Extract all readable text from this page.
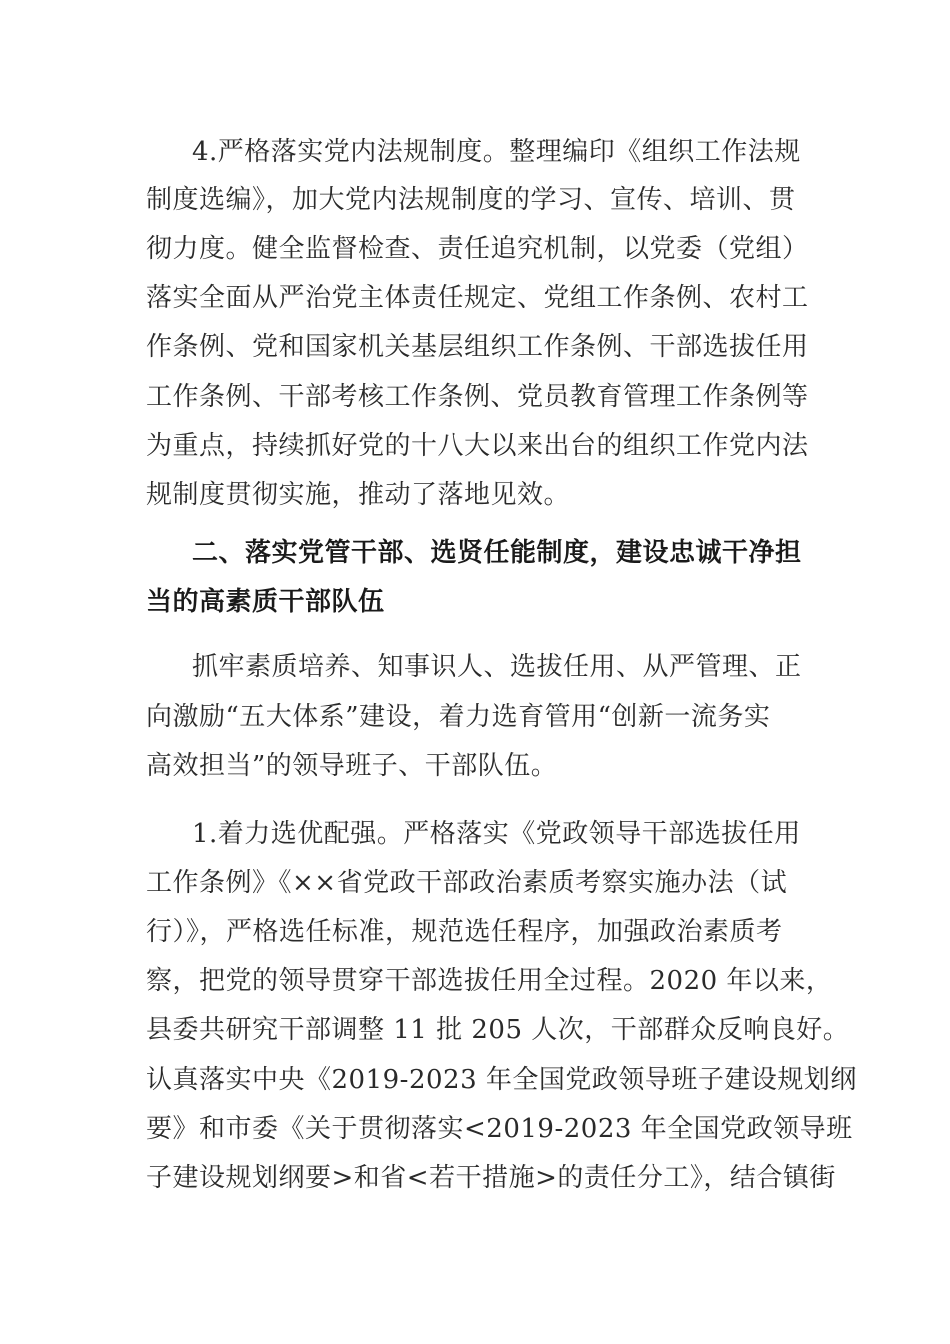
4.严格落实党内法规制度。整理编印《组织工作法规
制度选编》，加大党内法规制度的学习、宣传、培训、贯
彻力度。健全监督检查、责任追究机制，以党委（党组）
落实全面从严治党主体责任规定、党组工作条例、农村工
作条例、党和国家机关基层组织工作条例、干部选拔任用
工作条例、干部考核工作条例、党员教育管理工作条例等
为重点，持续抓好党的十八大以来出台的组织工作党内法
规制度贯彻实施，推动了落地见效。
二、落实党管干部、选贤任能制度，建设忠诚干净担
当的高素质干部队伍
抓牢素质培养、知事识人、选拔任用、从严管理、正
向激励“五大体系”建设，着力选育管用“创新一流务实
高效担当”的领导班子、干部队伍。
1.着力选优配强。严格落实《党政领导干部选拔任用
工作条例》《××省党政干部政治素质考察实施办法（试
行）》，严格选任标准，规范选任程序，加强政治素质考
察，把党的领导贯穿干部选拔任用全过程。2020 年以来，
县委共研究干部调整 11 批 205 人次，干部群众反响良好。
认真落实中央《2019-2023 年全国党政领导班子建设规划纲
要》和市委《关于贯彻落实<2019-2023 年全国党政领导班
子建设规划纲要>和省<若干措施>的责任分工》，结合镇街
